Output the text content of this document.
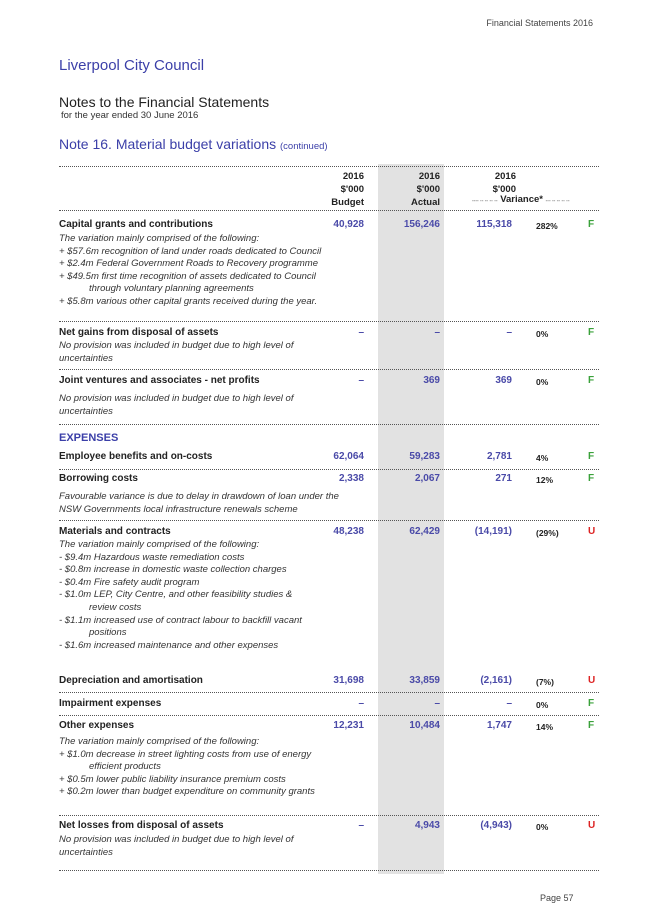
Financial Statements 2016
Liverpool City Council
Notes to the Financial Statements
for the year ended 30 June 2016
Note 16. Material budget variations (continued)
2016
$'000
Budget
2016
$'000
Actual
2016
$'000
---- -- -- -- -- Variance* --- -- -- -- --
Capital grants and contributions	40,928	156,246	115,318	282%	F
The variation mainly comprised of the following:
+ $57.6m recognition of land under roads dedicated to Council
+ $2.4m Federal Government Roads to Recovery programme
+ $49.5m first time recognition of assets dedicated to Council
through voluntary planning agreements
+ $5.8m various other capital grants received during the year.
Net gains from disposal of assets	–	–	–	0%	F
No provision was included in budget due to high level of
uncertainties
Joint ventures and associates - net profits	–	369	369	0%	F
No provision was included in budget due to high level of
uncertainties
Employee benefits and on-costs	62,064	59,283	2,781	4%	F
Borrowing costs	2,338	2,067	271	12%	F
Favourable variance is due to delay in drawdown of loan under the
NSW Governments local infrastructure renewals scheme
Materials and contracts	48,238	62,429	(14,191)	(29%)	U
The variation mainly comprised of the following:
- $9.4m Hazardous waste remediation costs
- $0.8m increase in domestic waste collection charges
- $0.4m Fire safety audit program
- $1.0m LEP, City Centre, and other feasibility studies &
review costs
- $1.1m increased use of contract labour to backfill vacant
positions
- $1.6m increased maintenance and other expenses
Depreciation and amortisation	31,698	33,859	(2,161)	(7%)	U
Impairment expenses	–	–	–	0%	F
Other expenses	12,231	10,484	1,747	14%	F
The variation mainly comprised of the following:
+ $1.0m decrease in street lighting costs from use of energy
efficient products
+ $0.5m lower public liability insurance premium costs
+ $0.2m lower than budget expenditure on community grants
Net losses from disposal of assets	–	4,943	(4,943)	0%	U
No provision was included in budget due to high level of
uncertainties
EXPENSES
Page 57
